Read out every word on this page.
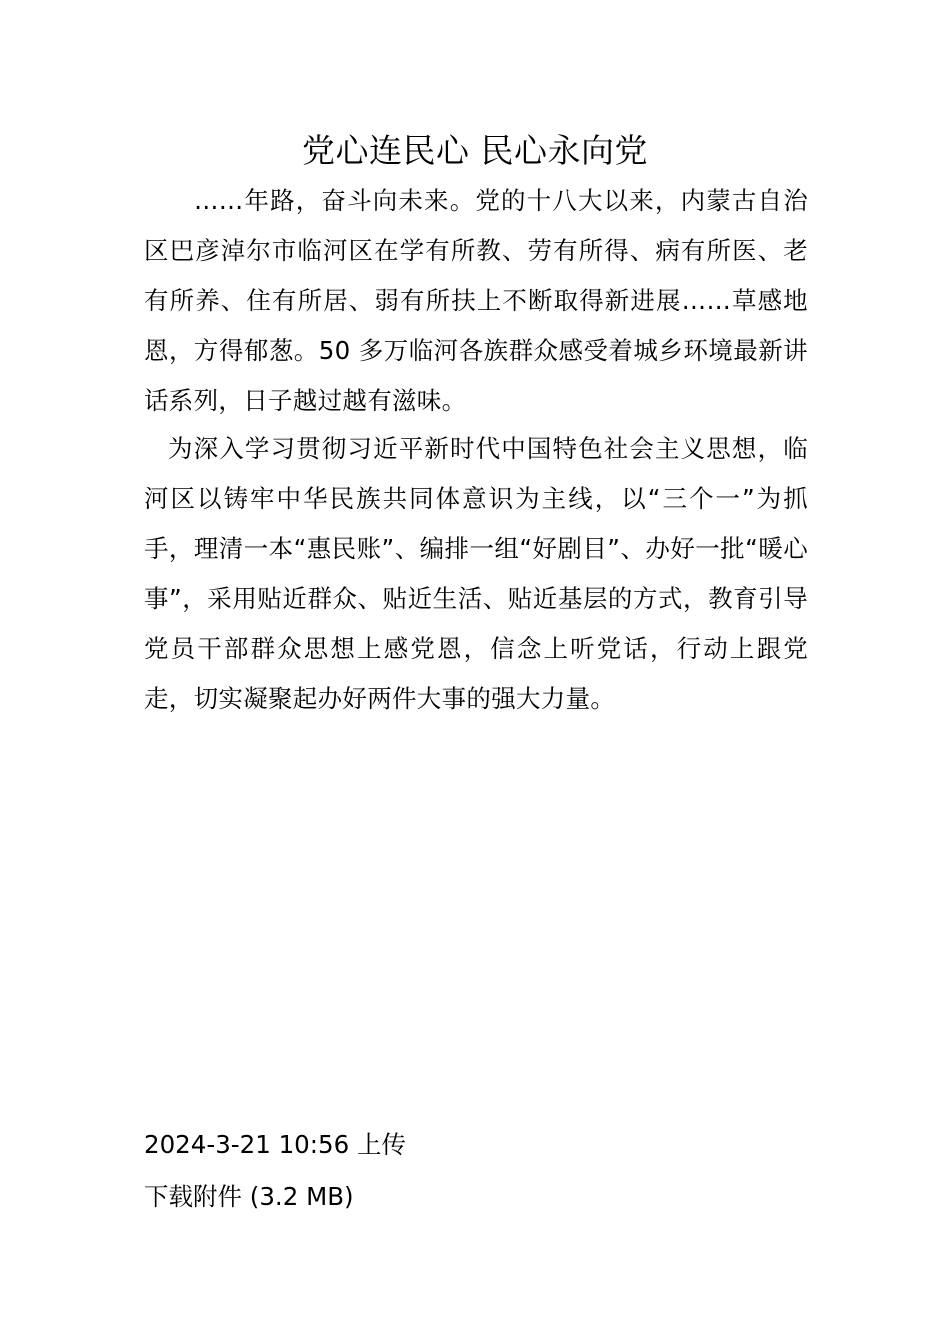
党心连民心 民心永向党

……年路，奋斗向未来。党的十八大以来，内蒙古自治区巴彦淖尔市临河区在学有所教、劳有所得、病有所医、老有所养、住有所居、弱有所扶上不断取得新进展……草感地恩，方得郁葱。50 多万临河各族群众感受着城乡环境最新讲话系列，日子越过越有滋味。

为深入学习贯彻习近平新时代中国特色社会主义思想，临河区以铸牢中华民族共同体意识为主线，以“三个一”为抓手，理清一本“惠民账”、编排一组“好剧目”、办好一批“暖心事”，采用贴近群众、贴近生活、贴近基层的方式，教育引导党员干部群众思想上感党恩，信念上听党话，行动上跟党走，切实凝聚起办好两件大事的强大力量。

2024-3-21 10:56 上传
下载附件 (3.2 MB)
